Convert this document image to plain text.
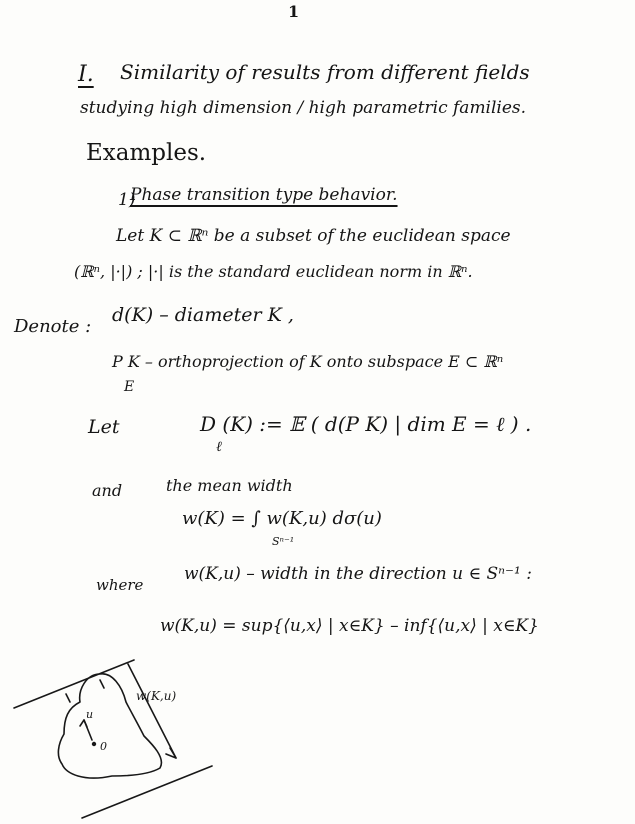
1
I. Similarity of results from different fields
studying high dimension / high parametric families.
Examples.
1)
Phase transition type behavior.
Let K ⊂ ℝⁿ be a subset of the euclidean space
(ℝⁿ, |·|) ; |·| is the standard euclidean norm in ℝⁿ.
Denote :
d(K) – diameter K ,
P K – orthoprojection of K onto subspace E ⊂ ℝⁿ
E
Let	D (K) := 𝔼 ( d(P K) | dim E = ℓ ) .
ℓ
and	the mean width
w(K) = ∫ w(K,u) dσ(u)
Sⁿ⁻¹
where
w(K,u) – width in the direction u ∈ Sⁿ⁻¹ :
w(K,u) = sup{⟨u,x⟩ | x∈K} – inf{⟨u,x⟩ | x∈K}
w(K,u)
u
0
